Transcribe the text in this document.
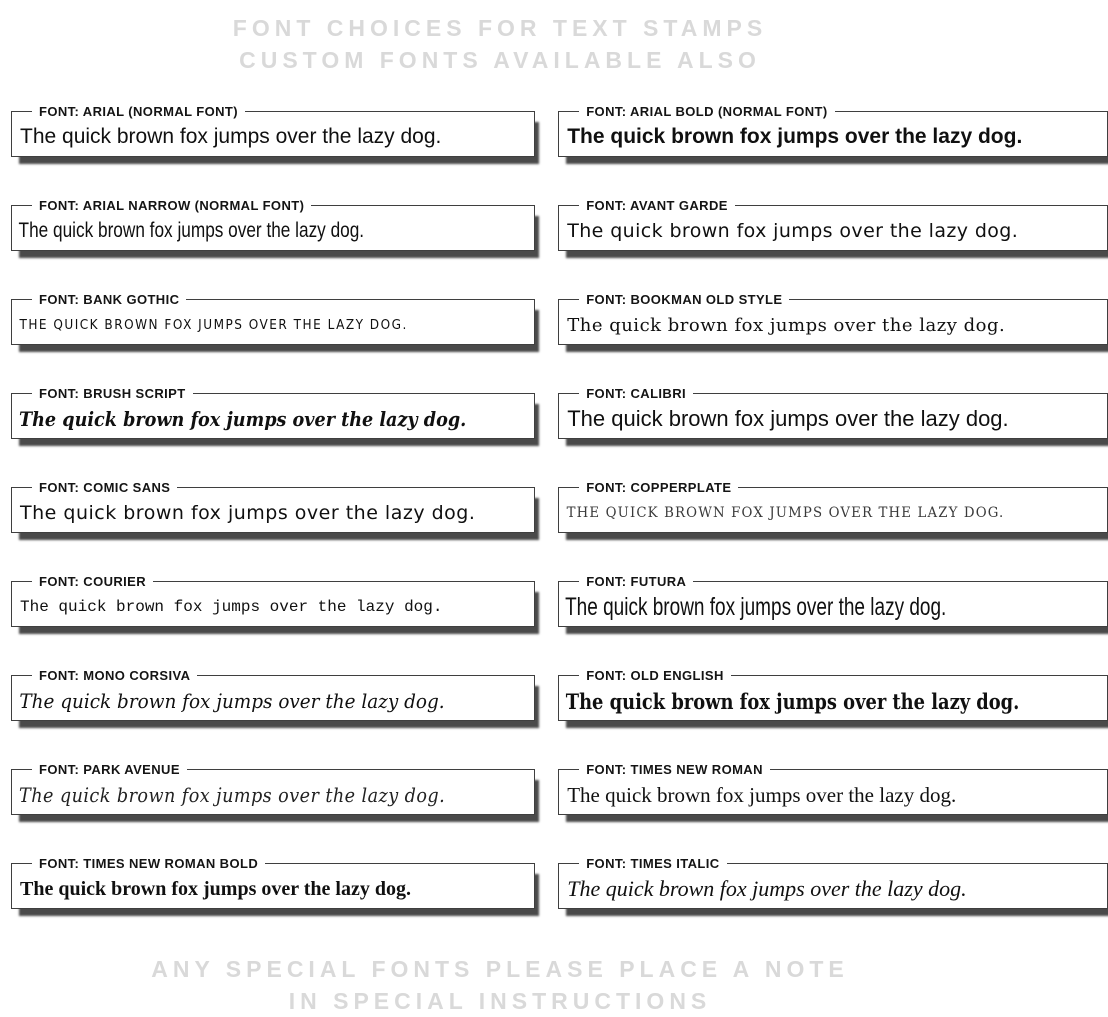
FONT CHOICES FOR TEXT STAMPS
CUSTOM FONTS AVAILABLE ALSO
FONT: ARIAL (NORMAL FONT)
The quick brown fox jumps over the lazy dog.
FONT: ARIAL BOLD (NORMAL FONT)
The quick brown fox jumps over the lazy dog.
FONT: ARIAL NARROW (NORMAL FONT)
The quick brown fox jumps over the lazy dog.
FONT: AVANT GARDE
The quick brown fox jumps over the lazy dog.
FONT: BANK GOTHIC
THE QUICK BROWN FOX JUMPS OVER THE LAZY DOG.
FONT: BOOKMAN OLD STYLE
The quick brown fox jumps over the lazy dog.
FONT: BRUSH SCRIPT
The quick brown fox jumps over the lazy dog.
FONT: CALIBRI
The quick brown fox jumps over the lazy dog.
FONT: COMIC SANS
The quick brown fox jumps over the lazy dog.
FONT: COPPERPLATE
THE QUICK BROWN FOX JUMPS OVER THE LAZY DOG.
FONT: COURIER
The quick brown fox jumps over the lazy dog.
FONT: FUTURA
The quick brown fox jumps over the lazy dog.
FONT: MONO CORSIVA
The quick brown fox jumps over the lazy dog.
FONT: OLD ENGLISH
The quick brown fox jumps over the lazy dog.
FONT: PARK AVENUE
The quick brown fox jumps over the lazy dog.
FONT: TIMES NEW ROMAN
The quick brown fox jumps over the lazy dog.
FONT: TIMES NEW ROMAN BOLD
The quick brown fox jumps over the lazy dog.
FONT: TIMES ITALIC
The quick brown fox jumps over the lazy dog.
ANY SPECIAL FONTS PLEASE PLACE A NOTE
IN SPECIAL INSTRUCTIONS
